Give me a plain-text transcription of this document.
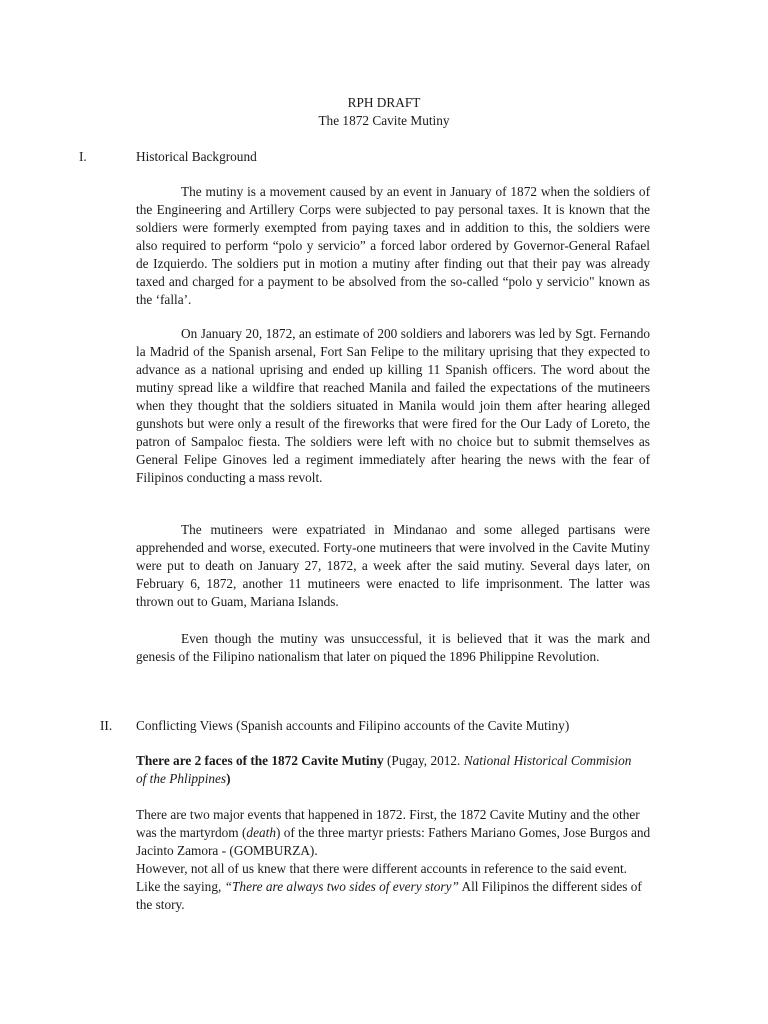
RPH DRAFT
The 1872 Cavite Mutiny
I.	Historical Background

The mutiny is a movement caused by an event in January of 1872 when the soldiers of the Engineering and Artillery Corps were subjected to pay personal taxes. It is known that the soldiers were formerly exempted from paying taxes and in addition to this, the soldiers were also required to perform “polo y servicio” a forced labor ordered by Governor-General Rafael de Izquierdo. The soldiers put in motion a mutiny after finding out that their pay was already taxed and charged for a payment to be absolved from the so-called “polo y servicio" known as the ‘falla’.

On January 20, 1872, an estimate of 200 soldiers and laborers was led by Sgt. Fernando la Madrid of the Spanish arsenal, Fort San Felipe to the military uprising that they expected to advance as a national uprising and ended up killing 11 Spanish officers. The word about the mutiny spread like a wildfire that reached Manila and failed the expectations of the mutineers when they thought that the soldiers situated in Manila would join them after hearing alleged gunshots but were only a result of the fireworks that were fired for the Our Lady of Loreto, the patron of Sampaloc fiesta. The soldiers were left with no choice but to submit themselves as General Felipe Ginoves led a regiment immediately after hearing the news with the fear of Filipinos conducting a mass revolt.

The mutineers were expatriated in Mindanao and some alleged partisans were apprehended and worse, executed. Forty-one mutineers that were involved in the Cavite Mutiny were put to death on January 27, 1872, a week after the said mutiny. Several days later, on February 6, 1872, another 11 mutineers were enacted to life imprisonment. The latter was thrown out to Guam, Mariana Islands.

Even though the mutiny was unsuccessful, it is believed that it was the mark and genesis of the Filipino nationalism that later on piqued the 1896 Philippine Revolution.

II. Conflicting Views (Spanish accounts and Filipino accounts of the Cavite Mutiny)

There are 2 faces of the 1872 Cavite Mutiny (Pugay, 2012. National Historical Commision of the Phlippines)

There are two major events that happened in 1872. First, the 1872 Cavite Mutiny and the other was the martyrdom (death) of the three martyr priests: Fathers Mariano Gomes, Jose Burgos and Jacinto Zamora - (GOMBURZA).

However, not all of us knew that there were different accounts in reference to the said event. Like the saying, “There are always two sides of every story” All Filipinos the different sides of the story.
